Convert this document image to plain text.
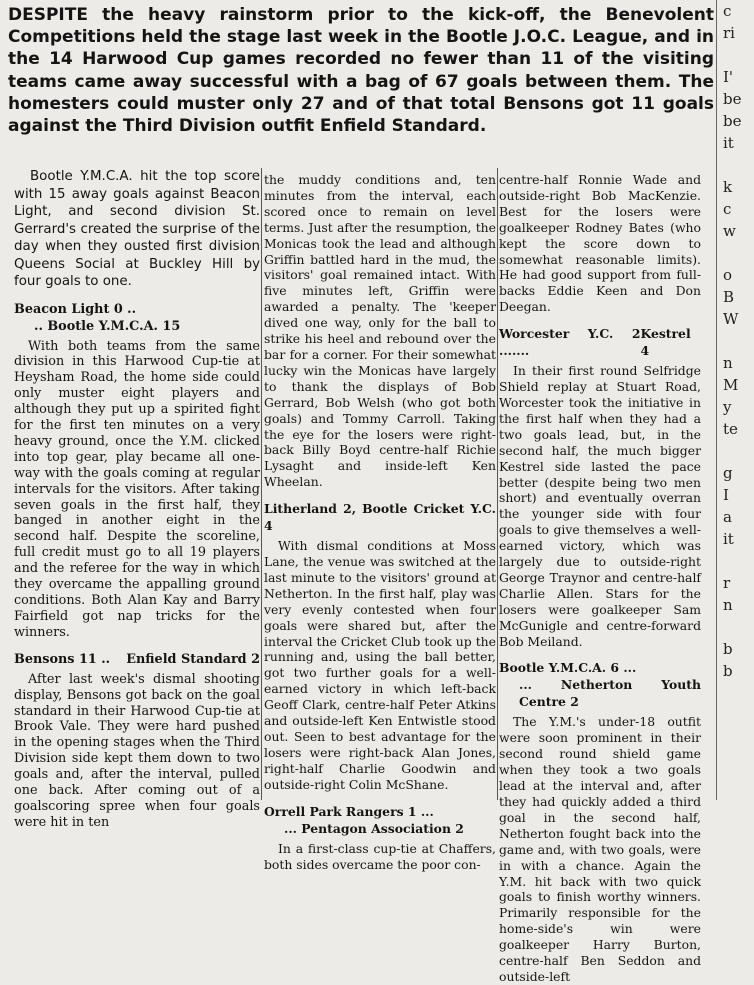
DESPITE the heavy rainstorm prior to the kick-off, the Benevolent Competitions held the stage last week in the Bootle J.O.C. League, and in the 14 Harwood Cup games recorded no fewer than 11 of the visiting teams came away successful with a bag of 67 goals between them. The homesters could muster only 27 and of that total Bensons got 11 goals against the Third Division outfit Enfield Standard.

Bootle Y.M.C.A. hit the top score with 15 away goals against Beacon Light, and second division St. Gerrard's created the surprise of the day when they ousted first division Queens Social at Buckley Hill by four goals to one.

Beacon Light 0 ..
.. Bootle Y.M.C.A. 15

With both teams from the same division in this Harwood Cup-tie at Heysham Road, the home side could only muster eight players and although they put up a spirited fight for the first ten minutes on a very heavy ground, once the Y.M. clicked into top gear, play became all one-way with the goals coming at regular intervals for the visitors. After taking seven goals in the first half, they banged in another eight in the second half. Despite the scoreline, full credit must go to all 19 players and the referee for the way in which they overcame the appalling ground conditions. Both Alan Kay and Barry Fairfield got nap tricks for the winners.

Bensons 11 .. Enfield Standard 2

After last week's dismal shooting display, Bensons got back on the goal standard in their Harwood Cup-tie at Brook Vale. They were hard pushed in the opening stages when the Third Division side kept them down to two goals and, after the interval, pulled one back. After coming out of a goalscoring spree when four goals were hit in ten

the muddy conditions and, ten minutes from the interval, each scored once to remain on level terms. Just after the resumption, the Monicas took the lead and although Griffin battled hard in the mud, the visitors' goal remained intact. With five minutes left, Griffin were awarded a penalty. The 'keeper dived one way, only for the ball to strike his heel and rebound over the bar for a corner. For their somewhat lucky win the Monicas have largely to thank the displays of Bob Gerrard, Bob Welsh (who got both goals) and Tommy Carroll. Taking the eye for the losers were right-back Billy Boyd centre-half Richie Lysaght and inside-left Ken Wheelan.

Litherland 2, Bootle Cricket Y.C. 4

With dismal conditions at Moss Lane, the venue was switched at the last minute to the visitors' ground at Netherton. In the first half, play was very evenly contested when four goals were shared but, after the interval the Cricket Club took up the running and, using the ball better, got two further goals for a well-earned victory in which left-back Geoff Clark, centre-half Peter Atkins and outside-left Ken Entwistle stood out. Seen to best advantage for the losers were right-back Alan Jones, right-half Charlie Goodwin and outside-right Colin McShane.

Orrell Park Rangers 1 ...
... Pentagon Association 2

In a first-class cup-tie at Chaffers, both sides overcame the poor con-

centre-half Ronnie Wade and outside-right Bob MacKenzie. Best for the losers were goalkeeper Rodney Bates (who kept the score down to somewhat reasonable limits). He had good support from full-backs Eddie Keen and Don Deegan.

Worcester Y.C. 2 .......
Kestrel 4

In their first round Selfridge Shield replay at Stuart Road, Worcester took the initiative in the first half when they had a two goals lead, but, in the second half, the much bigger Kestrel side lasted the pace better (despite being two men short) and eventually overran the younger side with four goals to give themselves a well-earned victory, which was largely due to outside-right George Traynor and centre-half Charlie Allen. Stars for the losers were goalkeeper Sam McGunigle and centre-forward Bob Meiland.

Bootle Y.M.C.A. 6 ...
... Netherton Youth Centre 2

The Y.M.'s under-18 outfit were soon prominent in their second round shield game when they took a two goals lead at the interval and, after they had quickly added a third goal in the second half, Netherton fought back into the game and, with two goals, were in with a chance. Again the Y.M. hit back with two quick goals to finish worthy winners. Primarily responsible for the home-side's win were goalkeeper Harry Burton, centre-half Ben Seddon and outside-left

c
ri
I'
be
be
it
k
c
w
o
B
W
n
M
y
te
g
I
a
it
r
n
b
b
